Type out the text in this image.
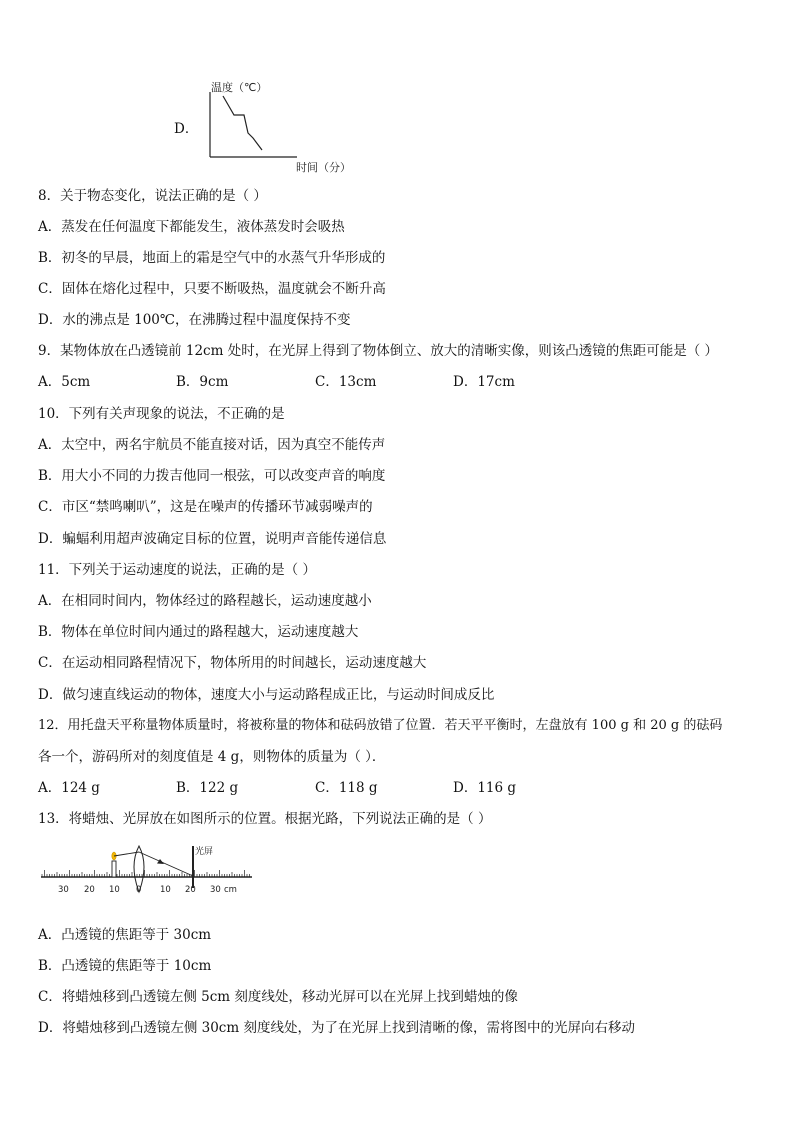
D．
温度（℃）
时间（分）
8．关于物态变化，说法正确的是（ ）
A．蒸发在任何温度下都能发生，液体蒸发时会吸热
B．初冬的早晨，地面上的霜是空气中的水蒸气升华形成的
C．固体在熔化过程中，只要不断吸热，温度就会不断升高
D．水的沸点是 100℃，在沸腾过程中温度保持不变
9．某物体放在凸透镜前 12cm 处时，在光屏上得到了物体倒立、放大的清晰实像，则该凸透镜的焦距可能是（ ）
A．5cm	B．9cm	C．13cm	D．17cm
10．下列有关声现象的说法，不正确的是
A．太空中，两名宇航员不能直接对话，因为真空不能传声
B．用大小不同的力拨吉他同一根弦，可以改变声音的响度
C．市区“禁鸣喇叭”，这是在噪声的传播环节减弱噪声的
D．蝙蝠利用超声波确定目标的位置，说明声音能传递信息
11．下列关于运动速度的说法，正确的是（ ）
A．在相同时间内，物体经过的路程越长，运动速度越小
B．物体在单位时间内通过的路程越大，运动速度越大
C．在运动相同路程情况下，物体所用的时间越长，运动速度越大
D．做匀速直线运动的物体，速度大小与运动路程成正比，与运动时间成反比
12．用托盘天平称量物体质量时，将被称量的物体和砝码放错了位置．若天平平衡时，左盘放有 100 g 和 20 g 的砝码
各一个，游码所对的刻度值是 4 g，则物体的质量为（ ）．
A．124 g	B．122 g	C．118 g	D．116 g
13．将蜡烛、光屏放在如图所示的位置。根据光路，下列说法正确的是（ ）
光屏
30 20 10 0 10 20 30 cm
A．凸透镜的焦距等于 30cm
B．凸透镜的焦距等于 10cm
C．将蜡烛移到凸透镜左侧 5cm 刻度线处，移动光屏可以在光屏上找到蜡烛的像
D．将蜡烛移到凸透镜左侧 30cm 刻度线处，为了在光屏上找到清晰的像，需将图中的光屏向右移动
